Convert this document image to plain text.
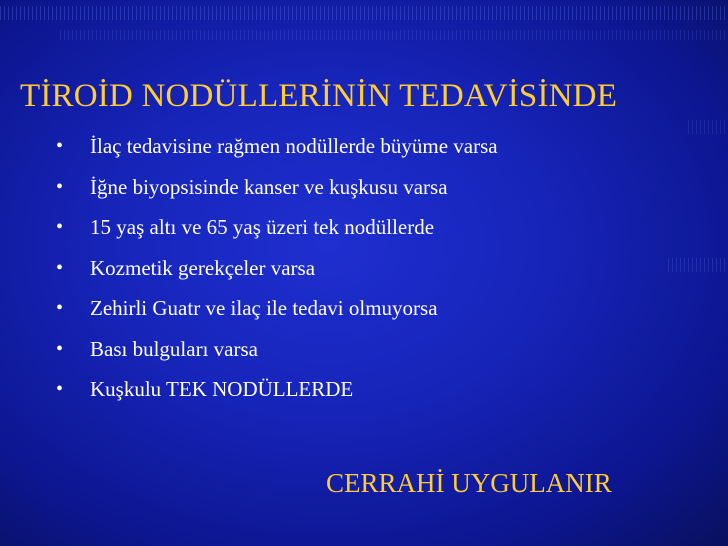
TİROİD NODÜLLERİNİN TEDAVİSİNDE
• İlaç tedavisine rağmen nodüllerde büyüme varsa
• İğne biyopsisinde kanser ve kuşkusu varsa
• 15 yaş altı ve 65 yaş üzeri tek nodüllerde
• Kozmetik gerekçeler varsa
• Zehirli Guatr ve ilaç ile tedavi olmuyorsa
• Bası bulguları varsa
• Kuşkulu TEK NODÜLLERDE
CERRAHİ UYGULANIR
